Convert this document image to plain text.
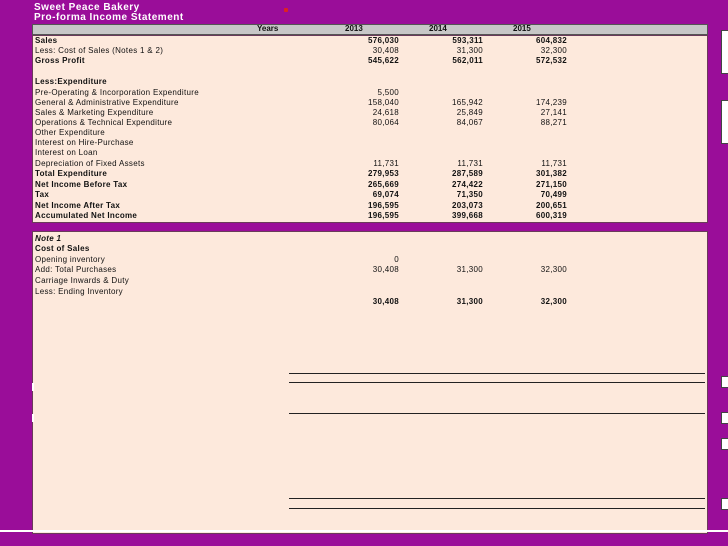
Sweet Peace Bakery
Pro-forma Income Statement
Years	2013	2014	2015
Sales	576,030	593,311	604,832
Less: Cost of Sales (Notes 1 & 2)	30,408	31,300	32,300
Gross Profit	545,622	562,011	572,532
Less:Expenditure
Pre-Operating & Incorporation Expenditure	5,500
General & Administrative Expenditure	158,040	165,942	174,239
Sales & Marketing Expenditure	24,618	25,849	27,141
Operations & Technical Expenditure	80,064	84,067	88,271
Other Expenditure
Interest on Hire-Purchase
Interest on Loan
Depreciation of Fixed Assets	11,731	11,731	11,731
Total Expenditure	279,953	287,589	301,382
Net Income Before Tax	265,669	274,422	271,150
Tax	69,074	71,350	70,499
Net Income After Tax	196,595	203,073	200,651
Accumulated Net Income	196,595	399,668	600,319
Note 1
Cost of Sales
Opening inventory	0
Add: Total Purchases	30,408	31,300	32,300
Carriage Inwards & Duty
Less: Ending Inventory
30,408	31,300	32,300
